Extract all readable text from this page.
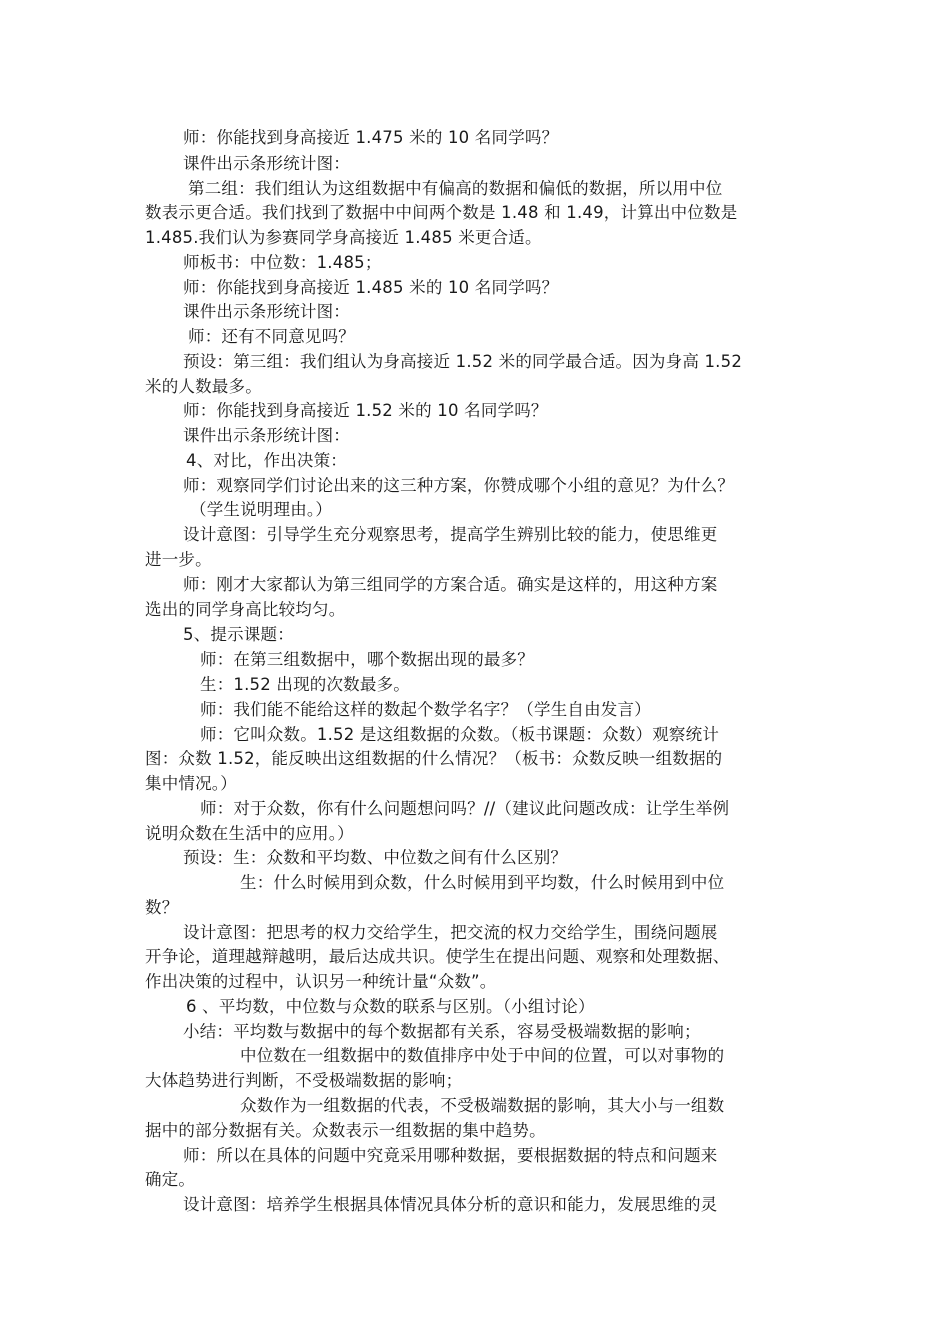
师：你能找到身高接近 1.475 米的 10 名同学吗？

课件出示条形统计图：

第二组：我们组认为这组数据中有偏高的数据和偏低的数据，所以用中位

数表示更合适。我们找到了数据中中间两个数是 1.48 和 1.49，计算出中位数是

1.485.我们认为参赛同学身高接近 1.485 米更合适。

师板书：中位数：1.485；

师：你能找到身高接近 1.485 米的 10 名同学吗？

课件出示条形统计图：

师：还有不同意见吗？

预设：第三组：我们组认为身高接近 1.52 米的同学最合适。因为身高 1.52

米的人数最多。

师：你能找到身高接近 1.52 米的 10 名同学吗？

课件出示条形统计图：

4、对比，作出决策：

师：观察同学们讨论出来的这三种方案，你赞成哪个小组的意见？为什么？

（学生说明理由。）

设计意图：引导学生充分观察思考，提高学生辨别比较的能力，使思维更

进一步。

师：刚才大家都认为第三组同学的方案合适。确实是这样的，用这种方案

选出的同学身高比较均匀。

5、提示课题：

师：在第三组数据中，哪个数据出现的最多？

生：1.52 出现的次数最多。

师：我们能不能给这样的数起个数学名字？（学生自由发言）

师：它叫众数。1.52 是这组数据的众数。（板书课题：众数）观察统计

图：众数 1.52，能反映出这组数据的什么情况？（板书：众数反映一组数据的

集中情况。）

师：对于众数，你有什么问题想问吗？//（建议此问题改成：让学生举例

说明众数在生活中的应用。）

预设：生：众数和平均数、中位数之间有什么区别？

生：什么时候用到众数，什么时候用到平均数，什么时候用到中位

数？

设计意图：把思考的权力交给学生，把交流的权力交给学生，围绕问题展

开争论，道理越辩越明，最后达成共识。使学生在提出问题、观察和处理数据、

作出决策的过程中，认识另一种统计量“众数”。

6 、平均数，中位数与众数的联系与区别。（小组讨论）

小结：平均数与数据中的每个数据都有关系，容易受极端数据的影响；

中位数在一组数据中的数值排序中处于中间的位置，可以对事物的

大体趋势进行判断，不受极端数据的影响；

众数作为一组数据的代表，不受极端数据的影响，其大小与一组数

据中的部分数据有关。众数表示一组数据的集中趋势。

师：所以在具体的问题中究竟采用哪种数据，要根据数据的特点和问题来

确定。

设计意图：培养学生根据具体情况具体分析的意识和能力，发展思维的灵
